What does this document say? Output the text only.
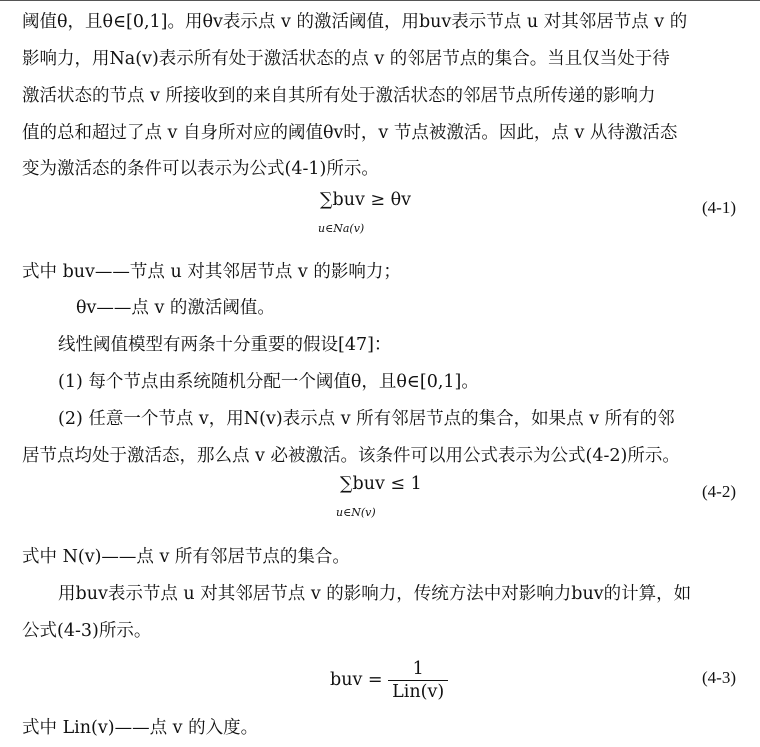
阈值θ，且θ∈[0,1]。用θv表示点 v 的激活阈值，用buv表示节点 u 对其邻居节点 v 的
影响力，用Na(v)表示所有处于激活状态的点 v 的邻居节点的集合。当且仅当处于待
激活状态的节点 v 所接收到的来自其所有处于激活状态的邻居节点所传递的影响力
值的总和超过了点 v 自身所对应的阈值θv时，v 节点被激活。因此，点 v 从待激活态
变为激活态的条件可以表示为公式(4-1)所示。
∑buv ≥ θv
u∈Na(v)
(4-1)
式中 buv——节点 u 对其邻居节点 v 的影响力；
θv——点 v 的激活阈值。
线性阈值模型有两条十分重要的假设[47]：
(1) 每个节点由系统随机分配一个阈值θ，且θ∈[0,1]。
(2) 任意一个节点 v，用N(v)表示点 v 所有邻居节点的集合，如果点 v 所有的邻
居节点均处于激活态，那么点 v 必被激活。该条件可以用公式表示为公式(4-2)所示。
∑buv ≤ 1
u∈N(v)
(4-2)
式中 N(v)——点 v 所有邻居节点的集合。
用buv表示节点 u 对其邻居节点 v 的影响力，传统方法中对影响力buv的计算，如
公式(4-3)所示。
buv = $\frac{1}{\text{Lin(v)}}$	(4-3)
式中 Lin(v)——点 v 的入度。
